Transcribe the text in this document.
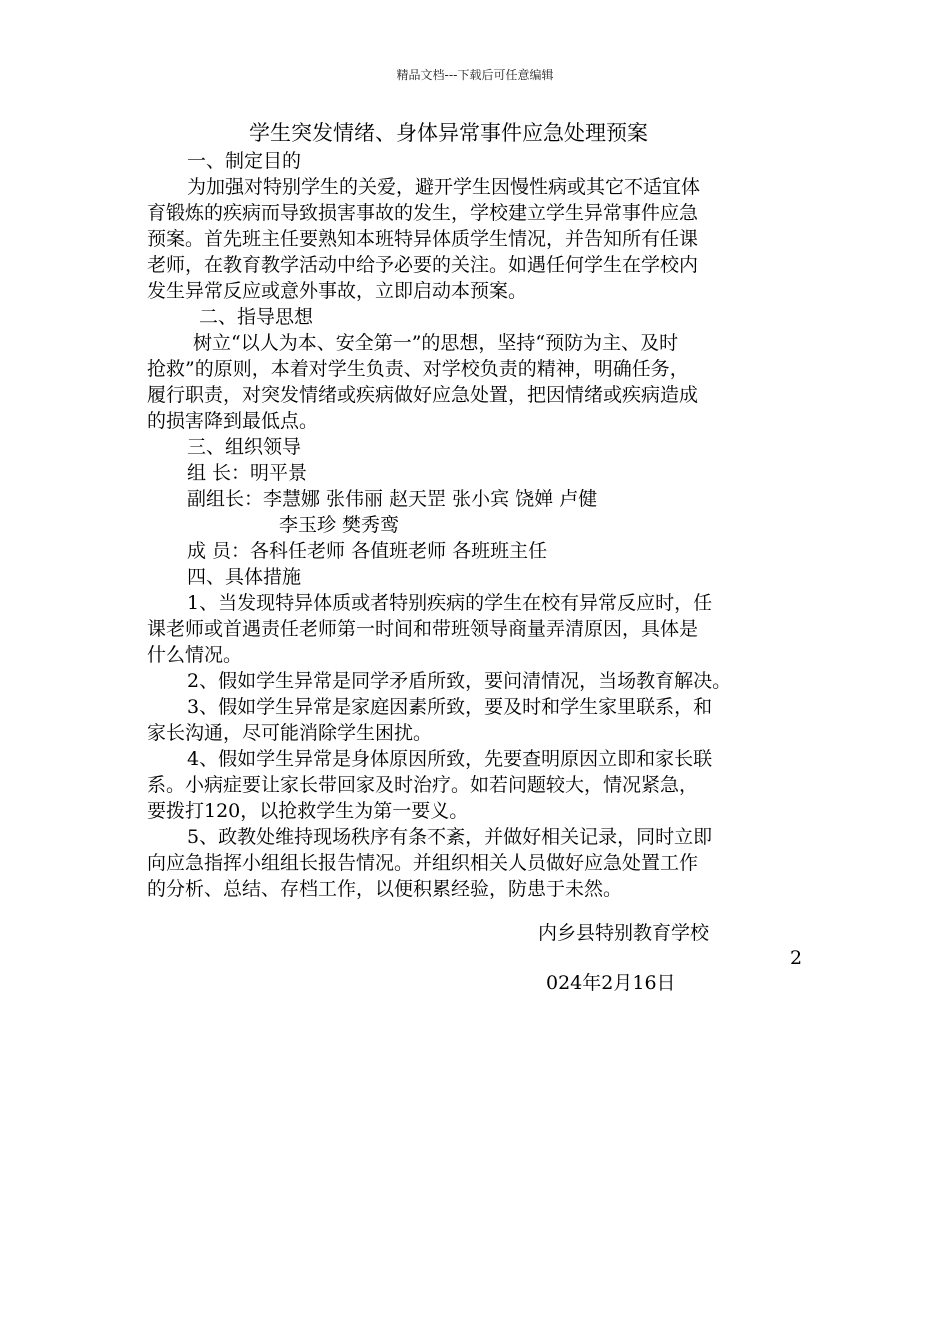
精品文档---下载后可任意编辑
学生突发情绪、身体异常事件应急处理预案

一、制定目的

为加强对特别学生的关爱，避开学生因慢性病或其它不适宜体

育锻炼的疾病而导致损害事故的发生，学校建立学生异常事件应急

预案。首先班主任要熟知本班特异体质学生情况，并告知所有任课

老师，在教育教学活动中给予必要的关注。如遇任何学生在学校内

发生异常反应或意外事故，立即启动本预案。

二、指导思想

树立“以人为本、安全第一”的思想，坚持“预防为主、及时

抢救”的原则，本着对学生负责、对学校负责的精神，明确任务，

履行职责，对突发情绪或疾病做好应急处置，把因情绪或疾病造成

的损害降到最低点。

三、组织领导

组 长：明平景

副组长：李慧娜 张伟丽 赵天罡 张小宾 饶婵 卢健

李玉珍 樊秀鸾

成 员：各科任老师 各值班老师 各班班主任

四、具体措施

1、当发现特异体质或者特别疾病的学生在校有异常反应时，任

课老师或首遇责任老师第一时间和带班领导商量弄清原因，具体是

什么情况。

2、假如学生异常是同学矛盾所致，要问清情况，当场教育解决。

3、假如学生异常是家庭因素所致，要及时和学生家里联系，和

家长沟通，尽可能消除学生困扰。

4、假如学生异常是身体原因所致，先要查明原因立即和家长联

系。小病症要让家长带回家及时治疗。如若问题较大，情况紧急，

要拨打120，以抢救学生为第一要义。

5、政教处维持现场秩序有条不紊，并做好相关记录，同时立即

向应急指挥小组组长报告情况。并组织相关人员做好应急处置工作

的分析、总结、存档工作，以便积累经验，防患于未然。

内乡县特别教育学校
2
024年2月16日
